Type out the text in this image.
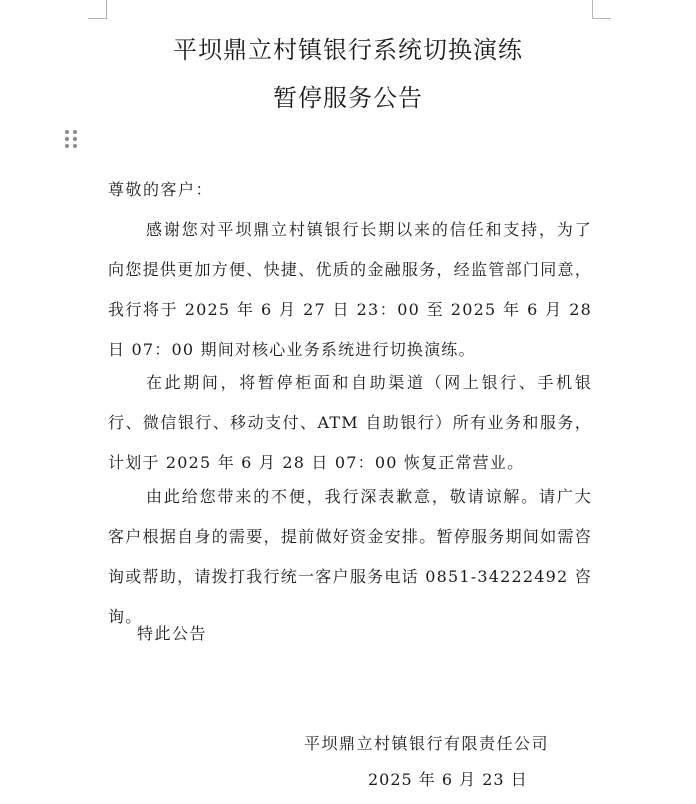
平坝鼎立村镇银行系统切换演练
暂停服务公告
尊敬的客户：
感谢您对平坝鼎立村镇银行长期以来的信任和支持，为了向您提供更加方便、快捷、优质的金融服务，经监管部门同意，我行将于 2025 年 6 月 27 日 23：00 至 2025 年 6 月 28 日 07：00 期间对核心业务系统进行切换演练。
在此期间，将暂停柜面和自助渠道（网上银行、手机银行、微信银行、移动支付、ATM 自助银行）所有业务和服务，计划于 2025 年 6 月 28 日 07：00 恢复正常营业。
由此给您带来的不便，我行深表歉意，敬请谅解。请广大客户根据自身的需要，提前做好资金安排。暂停服务期间如需咨询或帮助，请拨打我行统一客户服务电话 0851-34222492 咨询。
特此公告
平坝鼎立村镇银行有限责任公司
2025 年 6 月 23 日
